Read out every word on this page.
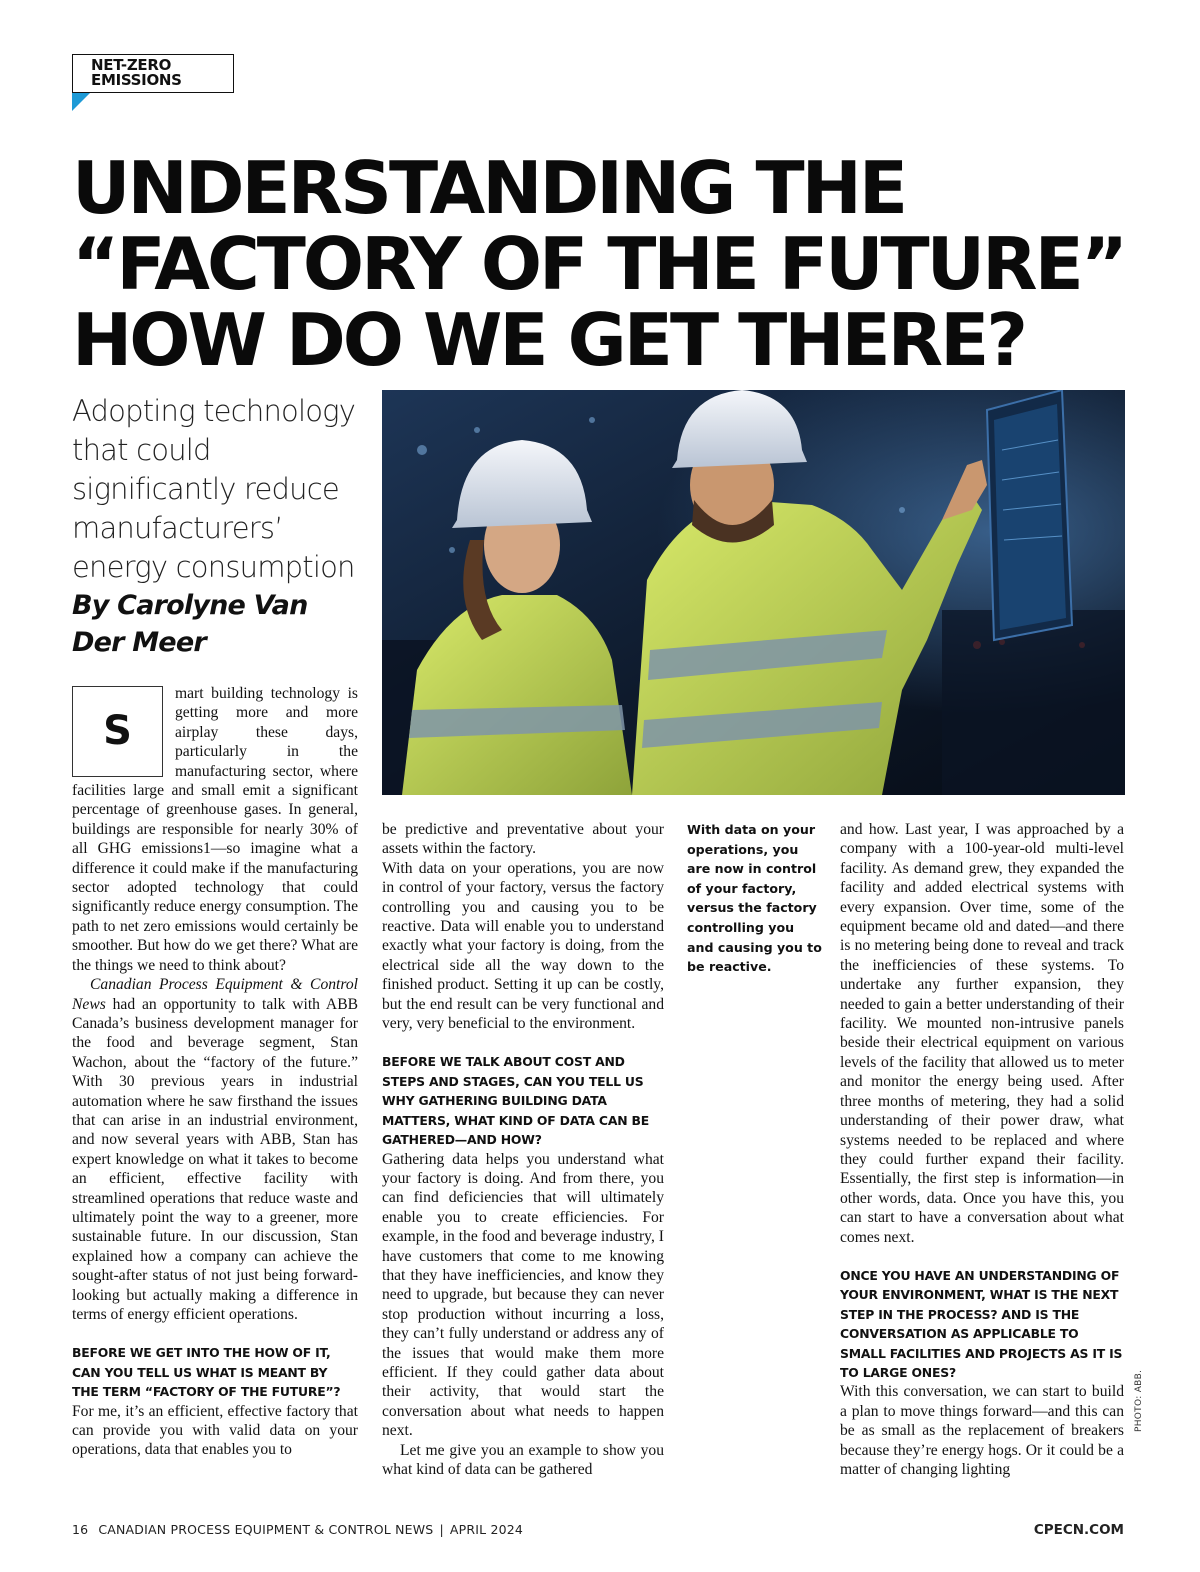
NET-ZERO
EMISSIONS
UNDERSTANDING THE
“FACTORY OF THE FUTURE”
HOW DO WE GET THERE?
Adopting technology that could significantly reduce manufacturers’ energy consumption
By Carolyne Van Der Meer
S

mart building technology is getting more and more airplay these days, particularly in the manufacturing sector, where facilities large and small emit a significant percentage of greenhouse gases. In general, buildings are responsible for nearly 30% of all GHG emissions1—so imagine what a difference it could make if the manufacturing sector adopted technology that could significantly reduce energy consumption. The path to net zero emissions would certainly be smoother. But how do we get there? What are the things we need to think about?

Canadian Process Equipment & Control News had an opportunity to talk with ABB Canada’s business development manager for the food and beverage segment, Stan Wachon, about the “factory of the future.” With 30 previous years in industrial automation where he saw firsthand the issues that can arise in an industrial environment, and now several years with ABB, Stan has expert knowledge on what it takes to become an efficient, effective facility with streamlined operations that reduce waste and ultimately point the way to a greener, more sustainable future. In our discussion, Stan explained how a company can achieve the sought-after status of not just being forward-looking but actually making a difference in terms of energy efficient operations.

BEFORE WE GET INTO THE HOW OF IT, CAN YOU TELL US WHAT IS MEANT BY THE TERM “FACTORY OF THE FUTURE”?

For me, it’s an efficient, effective factory that can provide you with valid data on your operations, data that enables you to

be predictive and preventative about your assets within the factory.

With data on your operations, you are now in control of your factory, versus the factory controlling you and causing you to be reactive. Data will enable you to understand exactly what your factory is doing, from the electrical side all the way down to the finished product. Setting it up can be costly, but the end result can be very functional and very, very beneficial to the environment.

BEFORE WE TALK ABOUT COST AND STEPS AND STAGES, CAN YOU TELL US WHY GATHERING BUILDING DATA MATTERS, WHAT KIND OF DATA CAN BE GATHERED—AND HOW?

Gathering data helps you understand what your factory is doing. And from there, you can find deficiencies that will ultimately enable you to create efficiencies. For example, in the food and beverage industry, I have customers that come to me knowing that they have inefficiencies, and know they need to upgrade, but because they can never stop production without incurring a loss, they can’t fully understand or address any of the issues that would make them more efficient. If they could gather data about their activity, that would start the conversation about what needs to happen next.

Let me give you an example to show you what kind of data can be gathered

With data on your operations, you are now in control of your factory, versus the factory controlling you and causing you to be reactive.

and how. Last year, I was approached by a company with a 100-year-old multi-level facility. As demand grew, they expanded the facility and added electrical systems with every expansion. Over time, some of the equipment became old and dated—and there is no metering being done to reveal and track the inefficiencies of these systems. To undertake any further expansion, they needed to gain a better understanding of their facility. We mounted non-intrusive panels beside their electrical equipment on various levels of the facility that allowed us to meter and monitor the energy being used. After three months of metering, they had a solid understanding of their power draw, what systems needed to be replaced and where they could further expand their facility. Essentially, the first step is information—in other words, data. Once you have this, you can start to have a conversation about what comes next.

ONCE YOU HAVE AN UNDERSTANDING OF YOUR ENVIRONMENT, WHAT IS THE NEXT STEP IN THE PROCESS? AND IS THE CONVERSATION AS APPLICABLE TO SMALL FACILITIES AND PROJECTS AS IT IS TO LARGE ONES?

With this conversation, we can start to build a plan to move things forward—and this can be as small as the replacement of breakers because they’re energy hogs. Or it could be a matter of changing lighting

PHOTO: ABB.
16 CANADIAN PROCESS EQUIPMENT & CONTROL NEWS | APRIL 2024	CPECN.COM
